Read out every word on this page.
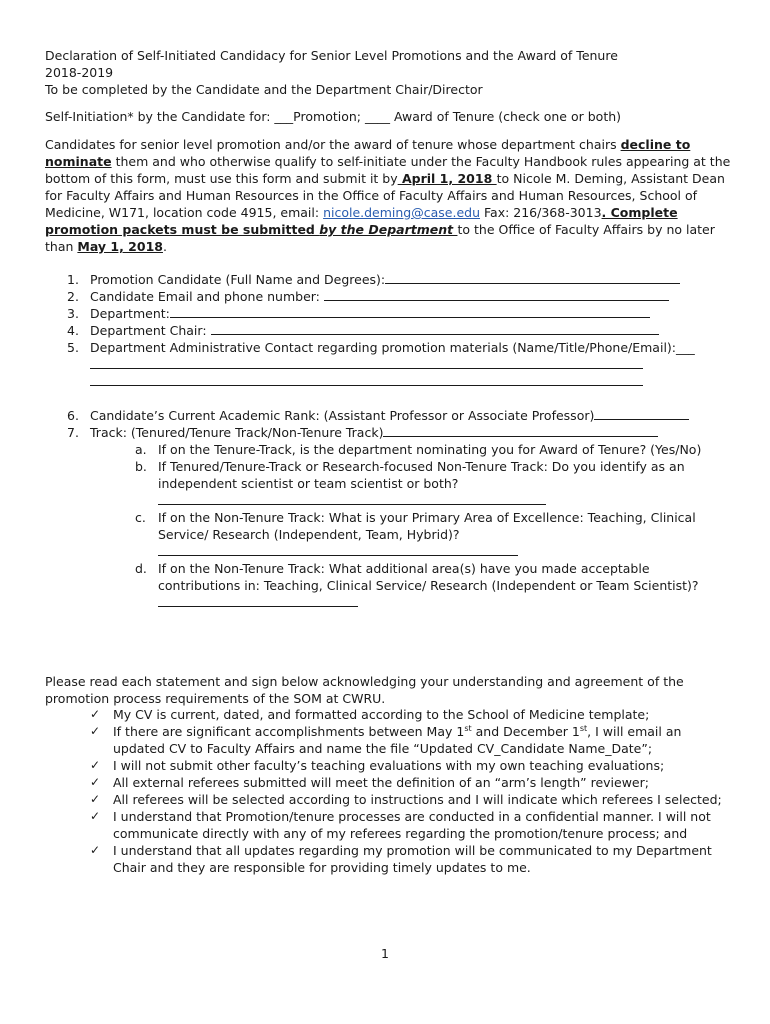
Declaration of Self-Initiated Candidacy for Senior Level Promotions and the Award of Tenure

2018-2019

To be completed by the Candidate and the Department Chair/Director

Self-Initiation* by the Candidate for: ___Promotion; ____ Award of Tenure (check one or both)

Candidates for senior level promotion and/or the award of tenure whose department chairs decline to nominate them and who otherwise qualify to self-initiate under the Faculty Handbook rules appearing at the bottom of this form, must use this form and submit it by April 1, 2018 to Nicole M. Deming, Assistant Dean for Faculty Affairs and Human Resources in the Office of Faculty Affairs and Human Resources, School of Medicine, W171, location code 4915, email: nicole.deming@case.edu Fax: 216/368-3013. Complete promotion packets must be submitted by the Department to the Office of Faculty Affairs by no later than May 1, 2018.

1. Promotion Candidate (Full Name and Degrees):
2. Candidate Email and phone number:
3. Department:
4. Department Chair:
5. Department Administrative Contact regarding promotion materials (Name/Title/Phone/Email):___

6. Candidate’s Current Academic Rank: (Assistant Professor or Associate Professor)
7. Track: (Tenured/Tenure Track/Non-Tenure Track)
a. If on the Tenure-Track, is the department nominating you for Award of Tenure? (Yes/No)
b. If Tenured/Tenure-Track or Research-focused Non-Tenure Track: Do you identify as an independent scientist or team scientist or both?

c. If on the Non-Tenure Track: What is your Primary Area of Excellence: Teaching, Clinical Service/ Research (Independent, Team, Hybrid)?

d. If on the Non-Tenure Track: What additional area(s) have you made acceptable contributions in: Teaching, Clinical Service/ Research (Independent or Team Scientist)?

Please read each statement and sign below acknowledging your understanding and agreement of the promotion process requirements of the SOM at CWRU.

✓ My CV is current, dated, and formatted according to the School of Medicine template;
✓ If there are significant accomplishments between May 1st and December 1st, I will email an updated CV to Faculty Affairs and name the file “Updated CV_Candidate Name_Date”;
✓ I will not submit other faculty’s teaching evaluations with my own teaching evaluations;
✓ All external referees submitted will meet the definition of an “arm’s length” reviewer;
✓ All referees will be selected according to instructions and I will indicate which referees I selected;
✓ I understand that Promotion/tenure processes are conducted in a confidential manner. I will not communicate directly with any of my referees regarding the promotion/tenure process; and
✓ I understand that all updates regarding my promotion will be communicated to my Department Chair and they are responsible for providing timely updates to me.
1
